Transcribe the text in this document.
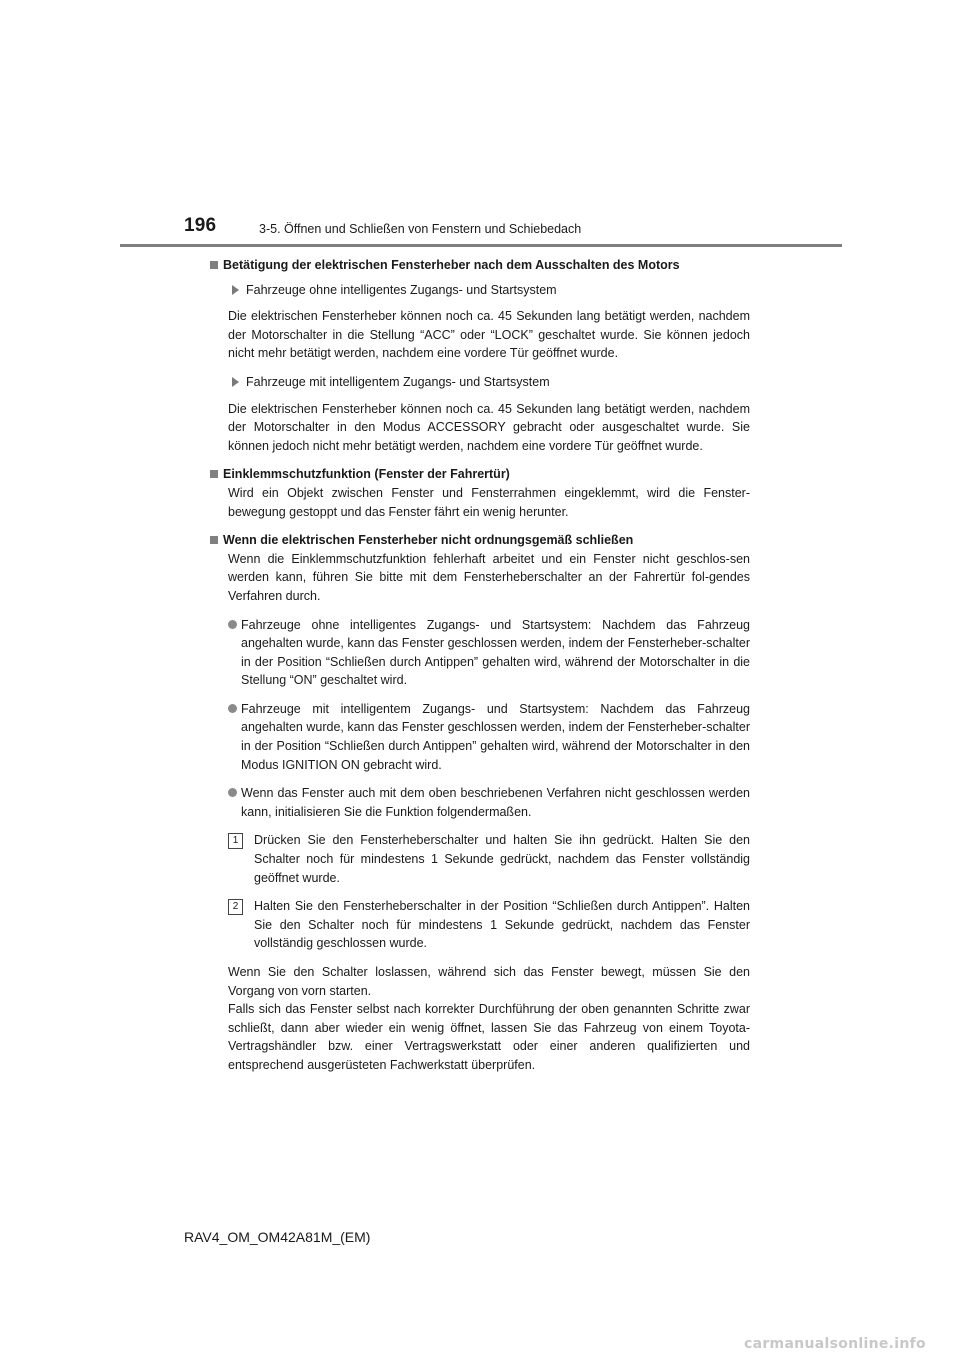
196	3-5. Öffnen und Schließen von Fenstern und Schiebedach
Betätigung der elektrischen Fensterheber nach dem Ausschalten des Motors
Fahrzeuge ohne intelligentes Zugangs- und Startsystem

Die elektrischen Fensterheber können noch ca. 45 Sekunden lang betätigt werden, nachdem der Motorschalter in die Stellung “ACC” oder “LOCK” geschaltet wurde. Sie können jedoch nicht mehr betätigt werden, nachdem eine vordere Tür geöffnet wurde.

Fahrzeuge mit intelligentem Zugangs- und Startsystem

Die elektrischen Fensterheber können noch ca. 45 Sekunden lang betätigt werden, nachdem der Motorschalter in den Modus ACCESSORY gebracht oder ausgeschaltet wurde. Sie können jedoch nicht mehr betätigt werden, nachdem eine vordere Tür geöffnet wurde.

Einklemmschutzfunktion (Fenster der Fahrertür)

Wird ein Objekt zwischen Fenster und Fensterrahmen eingeklemmt, wird die Fenster-bewegung gestoppt und das Fenster fährt ein wenig herunter.

Wenn die elektrischen Fensterheber nicht ordnungsgemäß schließen

Wenn die Einklemmschutzfunktion fehlerhaft arbeitet und ein Fenster nicht geschlos-sen werden kann, führen Sie bitte mit dem Fensterheberschalter an der Fahrertür fol-gendes Verfahren durch.

Fahrzeuge ohne intelligentes Zugangs- und Startsystem: Nachdem das Fahrzeug angehalten wurde, kann das Fenster geschlossen werden, indem der Fensterheber-schalter in der Position “Schließen durch Antippen” gehalten wird, während der Motorschalter in die Stellung “ON” geschaltet wird.

Fahrzeuge mit intelligentem Zugangs- und Startsystem: Nachdem das Fahrzeug angehalten wurde, kann das Fenster geschlossen werden, indem der Fensterheber-schalter in der Position “Schließen durch Antippen” gehalten wird, während der Motorschalter in den Modus IGNITION ON gebracht wird.

Wenn das Fenster auch mit dem oben beschriebenen Verfahren nicht geschlossen werden kann, initialisieren Sie die Funktion folgendermaßen.

1	Drücken Sie den Fensterheberschalter und halten Sie ihn gedrückt. Halten Sie den Schalter noch für mindestens 1 Sekunde gedrückt, nachdem das Fenster vollständig geöffnet wurde.

2	Halten Sie den Fensterheberschalter in der Position “Schließen durch Antippen”. Halten Sie den Schalter noch für mindestens 1 Sekunde gedrückt, nachdem das Fenster vollständig geschlossen wurde.

Wenn Sie den Schalter loslassen, während sich das Fenster bewegt, müssen Sie den Vorgang von vorn starten.

Falls sich das Fenster selbst nach korrekter Durchführung der oben genannten Schritte zwar schließt, dann aber wieder ein wenig öffnet, lassen Sie das Fahrzeug von einem Toyota-Vertragshändler bzw. einer Vertragswerkstatt oder einer anderen qualifizierten und entsprechend ausgerüsteten Fachwerkstatt überprüfen.

RAV4_OM_OM42A81M_(EM)
carmanualsonline.info
